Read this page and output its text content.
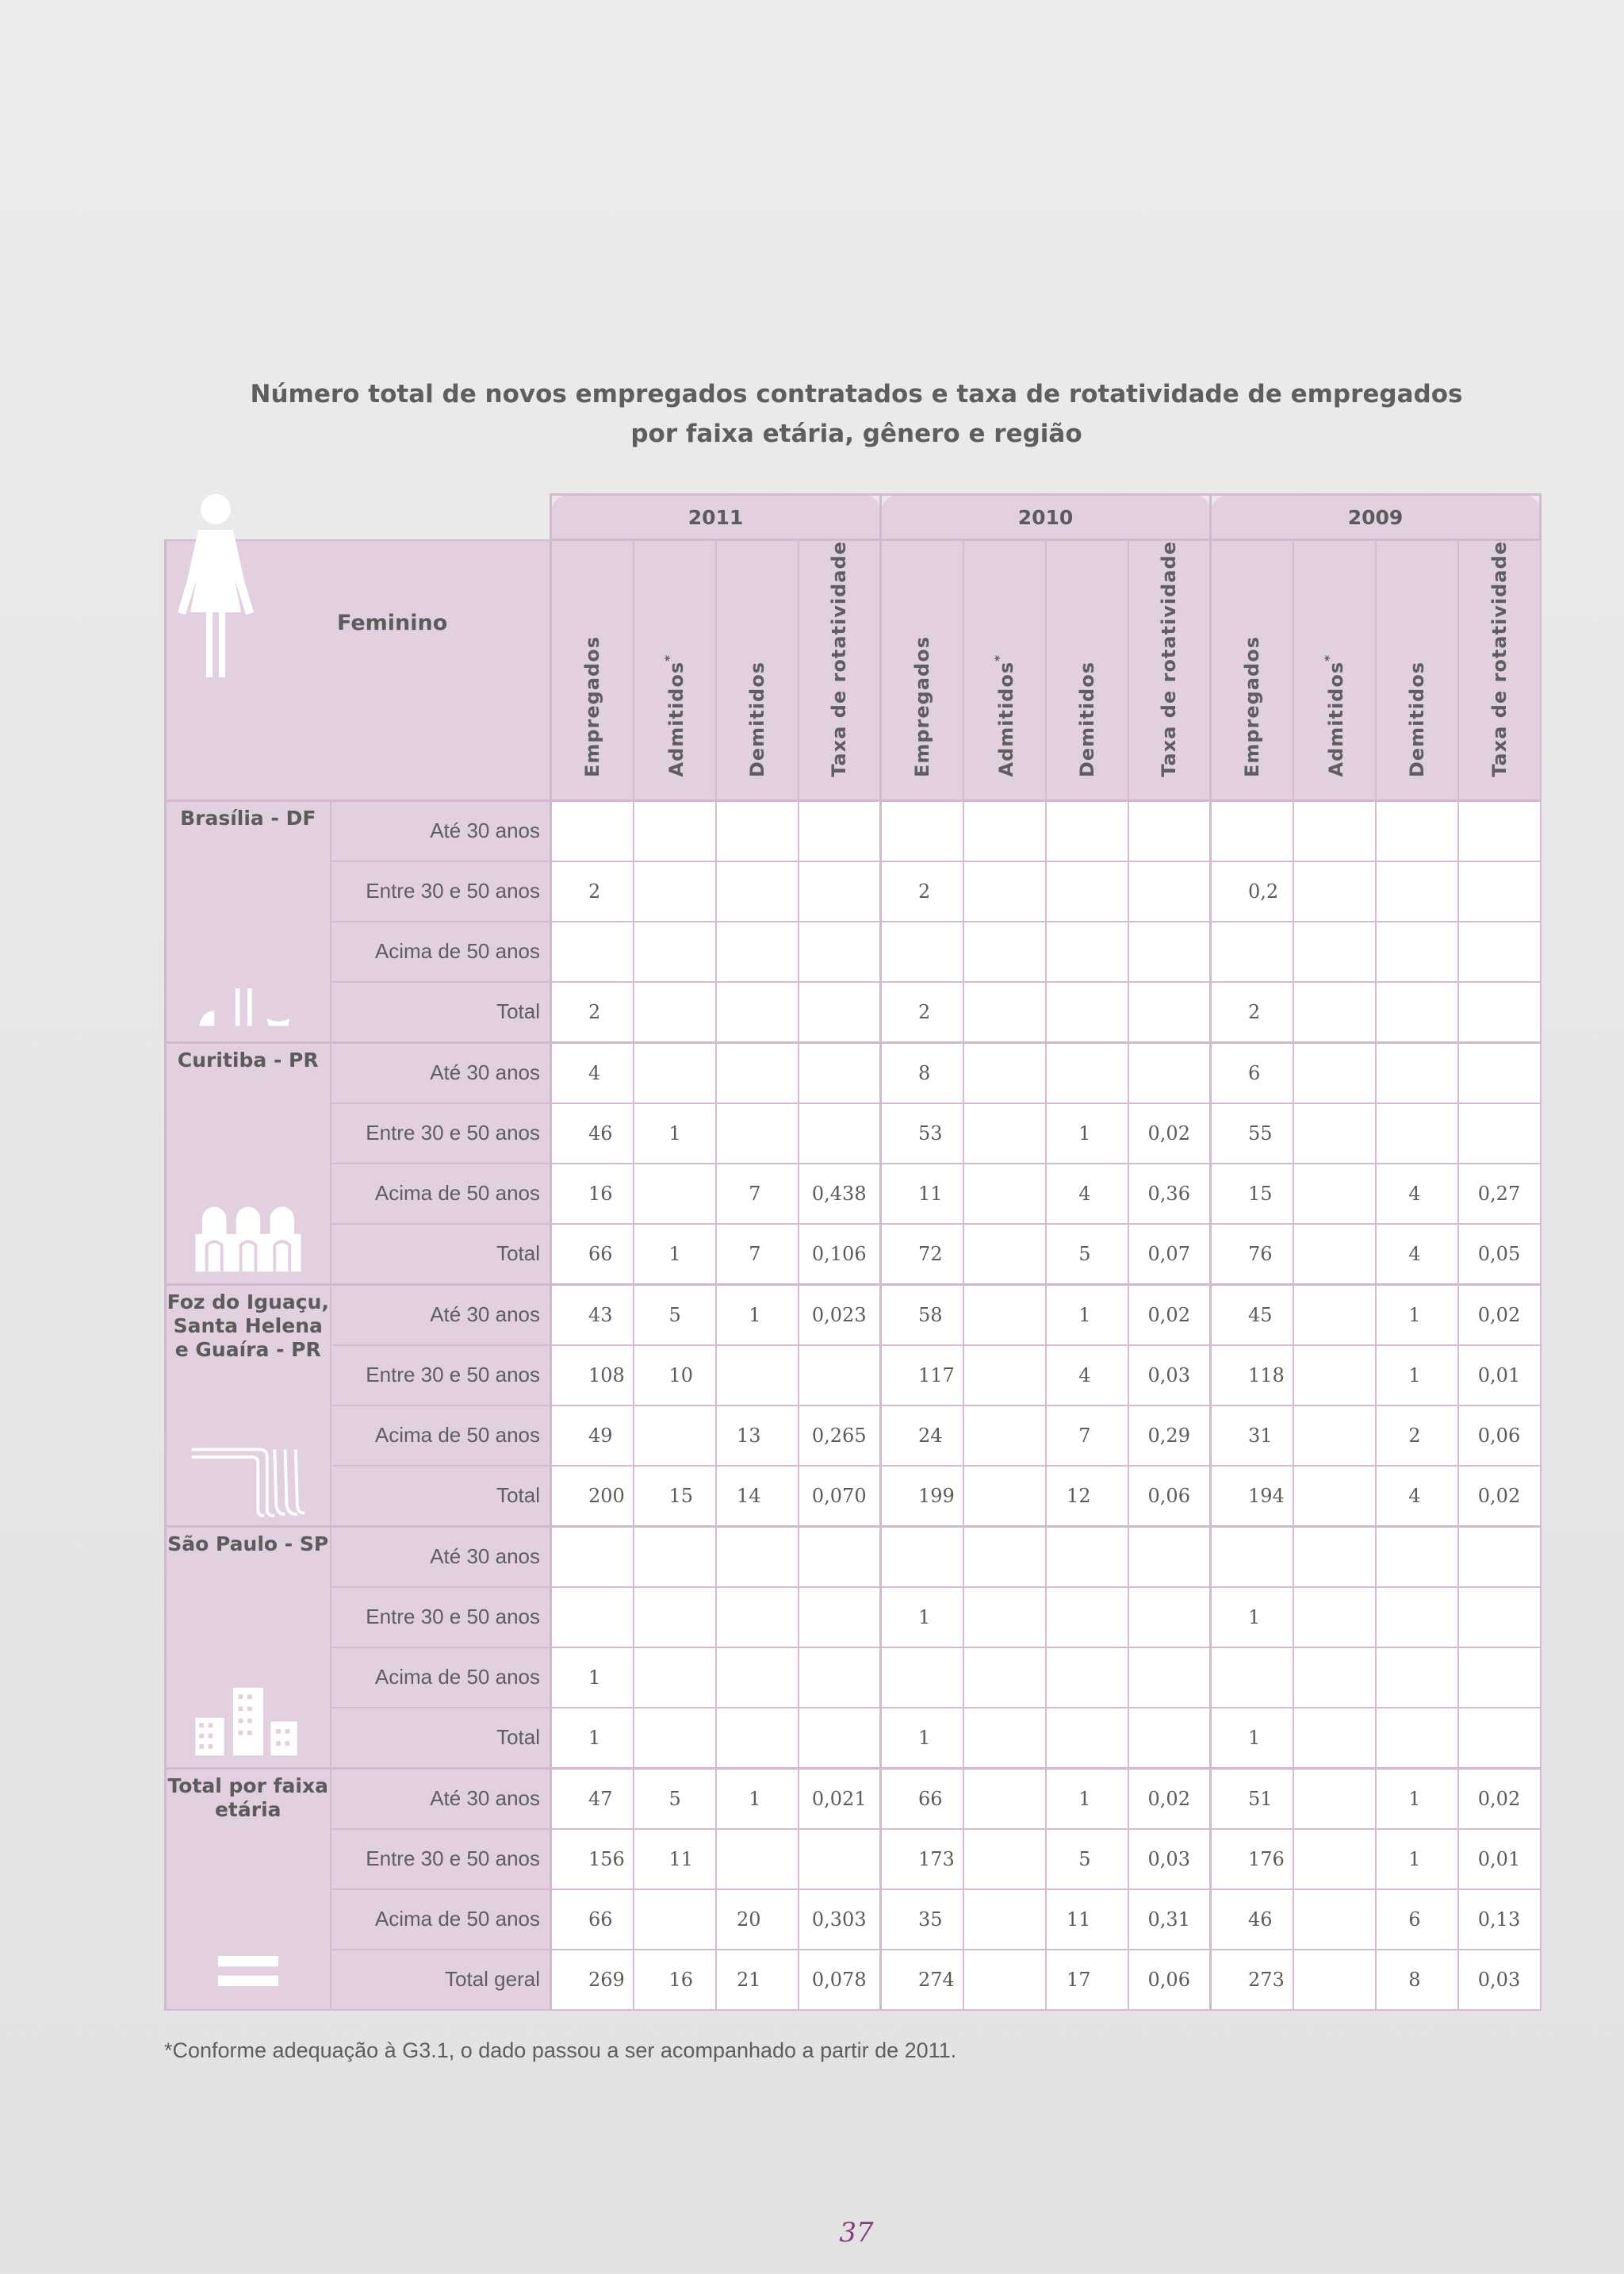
Número total de novos empregados contratados e taxa de rotatividade de empregados
por faixa etária, gênero e região
		2011				2010				2009			

Feminino		Empregados	Admitidos*	Demitidos	Taxa de rotatividade	Empregados	Admitidos*	Demitidos	Taxa de rotatividade	Empregados	Admitidos*	Demitidos	Taxa de rotatividade

Brasília - DF	Até 30 anos												
	Entre 30 e 50 anos	2				2				0,2			
	Acima de 50 anos												
	Total	2				2				2			

Curitiba - PR	Até 30 anos	4				8				6			
	Entre 30 e 50 anos	46	1			53		1	0,02	55			
	Acima de 50 anos	16		7	0,438	11		4	0,36	15		4	0,27
	Total	66	1	7	0,106	72		5	0,07	76		4	0,05

Foz do Iguaçu, Santa Helena e Guaíra - PR	Até 30 anos	43	5	1	0,023	58		1	0,02	45		1	0,02
	Entre 30 e 50 anos	108	10			117		4	0,03	118		1	0,01
	Acima de 50 anos	49		13	0,265	24		7	0,29	31		2	0,06
	Total	200	15	14	0,070	199		12	0,06	194		4	0,02

São Paulo - SP	Até 30 anos												
	Entre 30 e 50 anos					1				1			
	Acima de 50 anos	1											
	Total	1				1				1			

Total por faixa etária	Até 30 anos	47	5	1	0,021	66		1	0,02	51		1	0,02
	Entre 30 e 50 anos	156	11			173		5	0,03	176		1	0,01
	Acima de 50 anos	66		20	0,303	35		11	0,31	46		6	0,13
	Total geral	269	16	21	0,078	274		17	0,06	273		8	0,03
*Conforme adequação à G3.1, o dado passou a ser acompanhado a partir de 2011.
37
